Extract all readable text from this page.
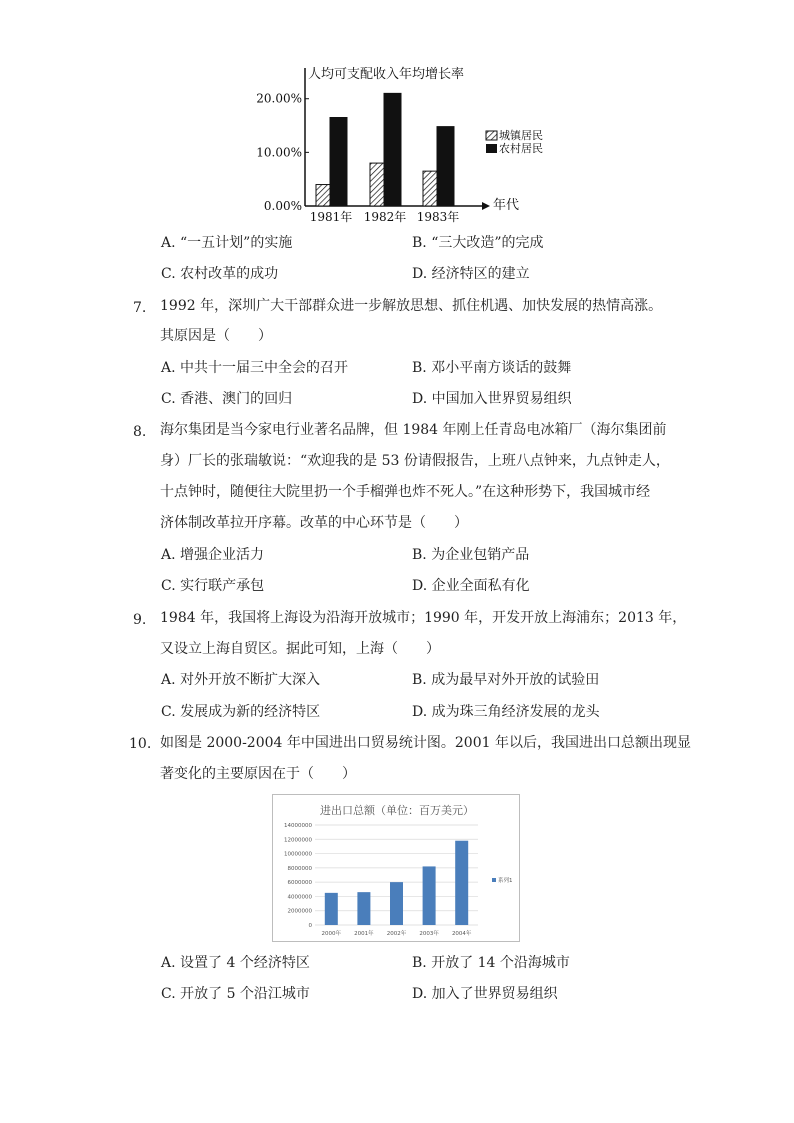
人均可支配收入年均增长率
年代
0.00%
10.00%
20.00%
1981年 1982年 1983年
城镇居民
农村居民
A. “一五计划”的实施	B. “三大改造”的完成
C. 农村改革的成功	D. 经济特区的建立
7. 1992 年，深圳广大干部群众进一步解放思想、抓住机遇、加快发展的热情高涨。
其原因是（　　）
A. 中共十一届三中全会的召开	B. 邓小平南方谈话的鼓舞
C. 香港、澳门的回归	D. 中国加入世界贸易组织
8. 海尔集团是当今家电行业著名品牌，但 1984 年刚上任青岛电冰箱厂（海尔集团前
身）厂长的张瑞敏说：“欢迎我的是 53 份请假报告，上班八点钟来，九点钟走人，
十点钟时，随便往大院里扔一个手榴弹也炸不死人。”在这种形势下，我国城市经
济体制改革拉开序幕。改革的中心环节是（　　）
A. 增强企业活力	B. 为企业包销产品
C. 实行联产承包	D. 企业全面私有化
9. 1984 年，我国将上海设为沿海开放城市；1990 年，开发开放上海浦东；2013 年，
又设立上海自贸区。据此可知，上海（　　）
A. 对外开放不断扩大深入	B. 成为最早对外开放的试验田
C. 发展成为新的经济特区	D. 成为珠三角经济发展的龙头
10. 如图是 2000-2004 年中国进出口贸易统计图。2001 年以后，我国进出口总额出现显
著变化的主要原因在于（　　）
进出口总额（单位：百万美元）
0
2000000
4000000
6000000
8000000
10000000
12000000
14000000
2000年 2001年 2002年 2003年 2004年
系列1
A. 设置了 4 个经济特区	B. 开放了 14 个沿海城市
C. 开放了 5 个沿江城市	D. 加入了世界贸易组织
